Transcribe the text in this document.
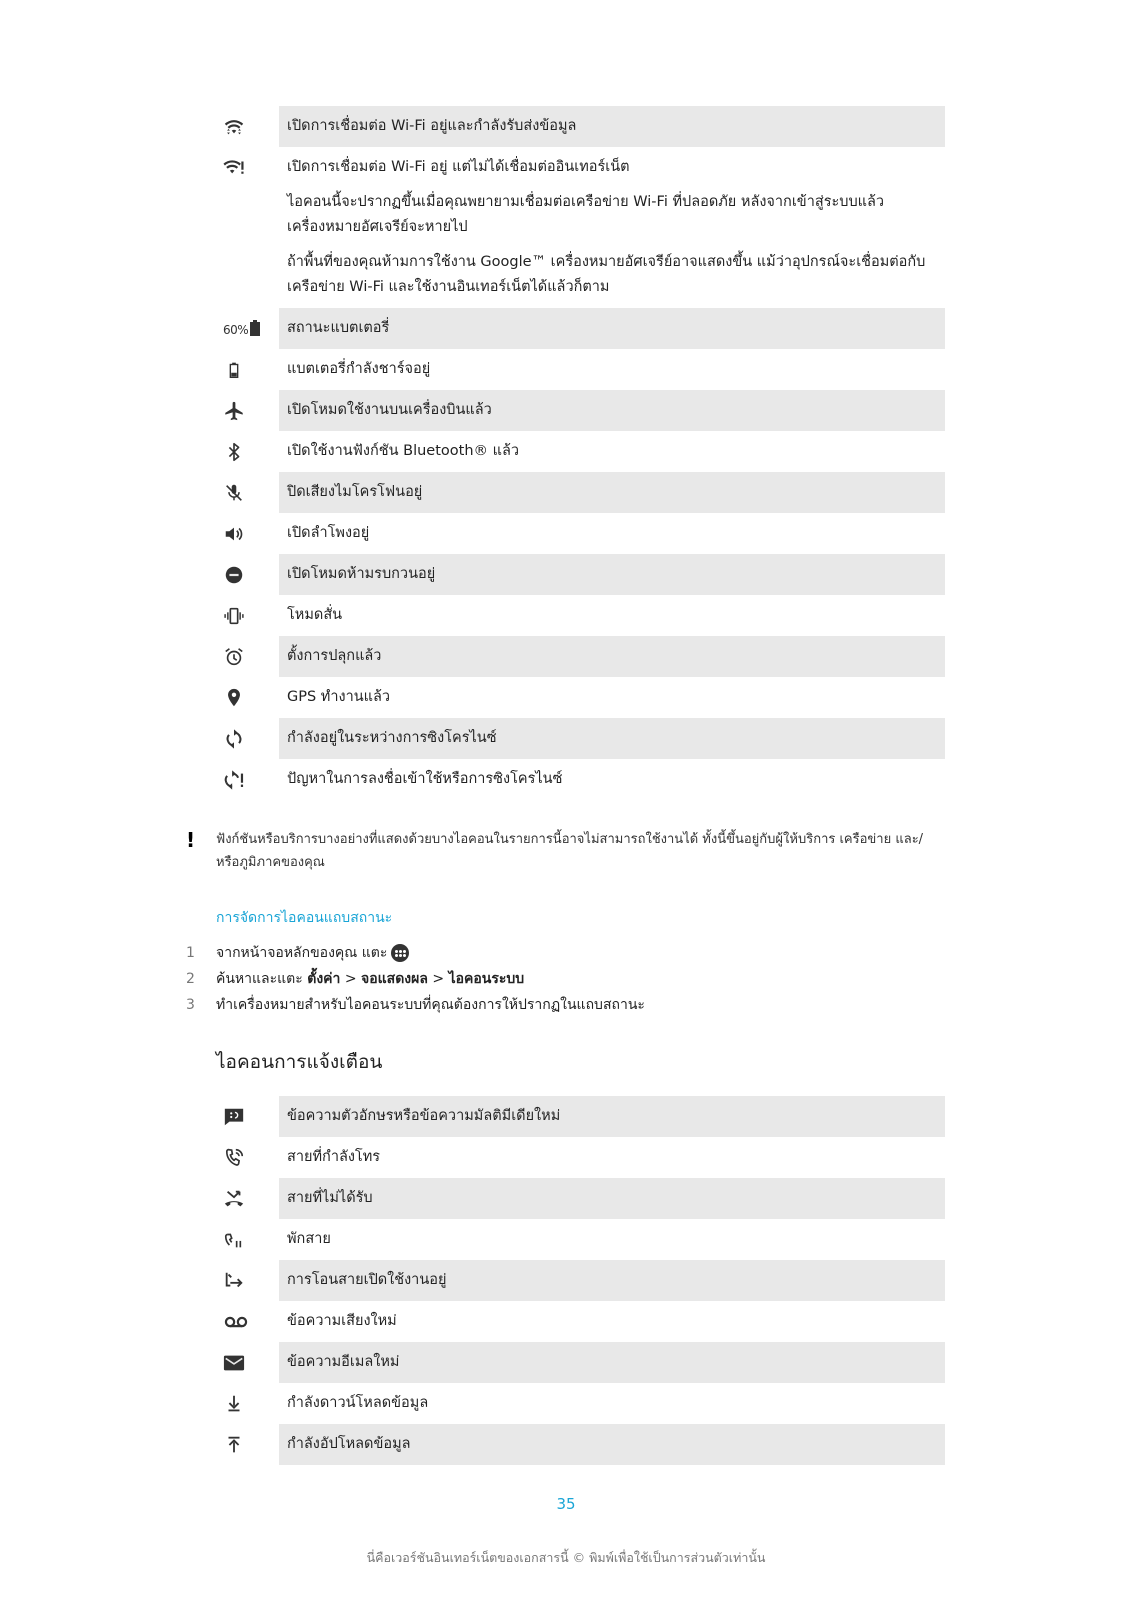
เปิดการเชื่อมต่อ Wi-Fi อยู่และกำลังรับส่งข้อมูล

เปิดการเชื่อมต่อ Wi-Fi อยู่ แต่ไม่ได้เชื่อมต่ออินเทอร์เน็ต
ไอคอนนี้จะปรากฏขึ้นเมื่อคุณพยายามเชื่อมต่อเครือข่าย Wi-Fi ที่ปลอดภัย หลังจากเข้าสู่ระบบแล้วเครื่องหมายอัศเจรีย์จะหายไป
ถ้าพื้นที่ของคุณห้ามการใช้งาน Google™ เครื่องหมายอัศเจรีย์อาจแสดงขึ้น แม้ว่าอุปกรณ์จะเชื่อมต่อกับเครือข่าย Wi-Fi และใช้งานอินเทอร์เน็ตได้แล้วก็ตาม

60%	สถานะแบตเตอรี่

แบตเตอรี่กำลังชาร์จอยู่

เปิดโหมดใช้งานบนเครื่องบินแล้ว

เปิดใช้งานฟังก์ชัน Bluetooth® แล้ว

ปิดเสียงไมโครโฟนอยู่

เปิดลำโพงอยู่

เปิดโหมดห้ามรบกวนอยู่

โหมดสั่น

ตั้งการปลุกแล้ว

GPS ทำงานแล้ว

กำลังอยู่ในระหว่างการซิงโครไนซ์

ปัญหาในการลงชื่อเข้าใช้หรือการซิงโครไนซ์
! ฟังก์ชันหรือบริการบางอย่างที่แสดงด้วยบางไอคอนในรายการนี้อาจไม่สามารถใช้งานได้ ทั้งนี้ขึ้นอยู่กับผู้ให้บริการ เครือข่าย และ/หรือภูมิภาคของคุณ
การจัดการไอคอนแถบสถานะ
1	จากหน้าจอหลักของคุณ แตะ
2	ค้นหาและแตะ ตั้งค่า > จอแสดงผล > ไอคอนระบบ
3	ทำเครื่องหมายสำหรับไอคอนระบบที่คุณต้องการให้ปรากฏในแถบสถานะ
ไอคอนการแจ้งเตือน

ข้อความตัวอักษรหรือข้อความมัลติมีเดียใหม่

สายที่กำลังโทร

สายที่ไม่ได้รับ

พักสาย

การโอนสายเปิดใช้งานอยู่

ข้อความเสียงใหม่

ข้อความอีเมลใหม่

กำลังดาวน์โหลดข้อมูล

กำลังอัปโหลดข้อมูล
35
นี่คือเวอร์ชันอินเทอร์เน็ตของเอกสารนี้ © พิมพ์เพื่อใช้เป็นการส่วนตัวเท่านั้น
